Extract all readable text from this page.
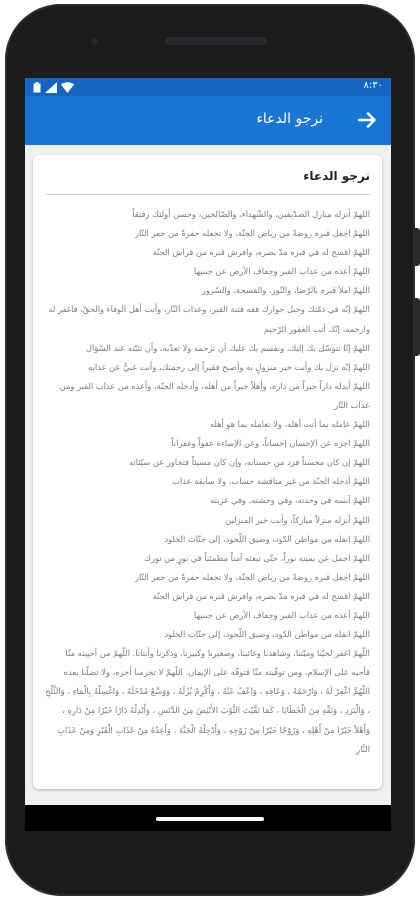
٨:٣٠
نرجو الدعاء
نرجو الدعاء
اللهمّ أنزله منازل الصدّيقين، والشّهداء، والصّالحين، وحسن أولئك رفيقاً
اللهمّ اجعل قبره روضةً من رياض الجنّة، ولا تجعله حفرةً من حفر النّار
اللهمّ افسح له في قبره مدّ بصره، وافرش قبره من فراش الجنّة
اللهمّ أعذه من عذاب القبر وجفاف الأرض عن جنبيها
اللهمّ املأ قبره بالرّضا، والنّور، والفسحة، والسّرور
اللهمّ إنّه في ذمّتك وحبل جوارك فقه فتنة القبر، وعذاب النّار، وأنت أهل الوفاء والحقّ، فاغفر له وارحمه، إنّك أنت الغفور الرّحيم
اللهمّ إنّا نتوسّل بك إليك، ونقسم بك عليك أن ترحمه ولا تعذّبه، وأن تثبّته عند السّؤال
اللهمّ إنّه نزل بك وأنت خير منزولٍ به وأصبح فقيراً إلى رحمتك، وأنت غنيٌّ عن عذابه
اللهمّ أبدله داراً خيراً من داره، وأهلاً خيراً من أهله، وأدخله الجنّة، وأعذه من عذاب القبر ومن عذاب النّار
اللهمّ عامله بما أنت أهله، ولا تعامله بما هو أهله
اللهمّ اجزه عن الإحسان إحساناً، وعن الإساءة عفواً وغفراناً
اللهمّ إن كان محسناً فزد من حسناته، وإن كان مسيئاً فتجاوز عن سيّئاته
اللهمّ أدخله الجنّة من غير مناقشة حساب، ولا سابقة عذاب
اللهمّ آنسه في وحدته، وفي وحشته، وفي غربته
اللهمّ أنزله منزلاً مباركاً، وأنت خير المنزلين
اللهمّ انقله من مواطن الدّود، وضيق اللّحود، إلى جنّات الخلود
اللهمّ احمل عن يمينه نوراً، حتّى تبعثه آمناً مطمئناً في نورٍ من نورك
اللهمّ اجعل قبره روضةً من رياض الجنّة، ولا تجعله حفرةً من حفر النّار
اللهمّ افسح له في قبره مدّ بصره، وافرش قبره من فراش الجنّة
اللهمّ أعذه من عذاب القبر وجفاف الأرض عن جنبيها
اللهمّ انقله من مواطن الدّود، وضيق اللّحود، إلى جنّات الخلود
اللّهمّ اغفر لحيّنا وميّتنا، وشاهدنا وغائبنا، وصغيرنا وكبيرنا، وذكرنا وأنثانا. اللّهمّ من أحييته منّا فأحيه على الإسلام، ومن توفّيته منّا فتوفّه على الإيمان. اللّهمّ لا تحرمنا أجره، ولا تضلّنا بعده
اللّهُمَّ اغْفِرْ لَهُ ، وَارْحَمْهُ ، وَعَافِهِ ، وَاعْفُ عَنْهُ ، وَأَكْرِمْ نُزُلَهُ ، وَوَسِّعْ مُدْخَلَهُ ، وَاغْسِلْهُ بِالْمَاءِ ، وَالثَّلْجِ ، وَالْبَرَدِ ، وَنَقِّهِ مِنَ الْخَطَايَا ، كَمَا نَقَّيْتَ الثَّوْبَ الأَبْيَضَ مِنَ الدَّنَسِ ، وَأَبْدِلْهُ دَارًا خَيْرًا مِنْ دَارِهِ ، وَأَهْلاً خَيْرًا مِنْ أَهْلِهِ ، وَزَوْجًا خَيْرًا مِنْ زَوْجِهِ ، وَأَدْخِلْهُ الْجَنَّةَ ، وَأَعِذْهُ مِنْ عَذَابِ الْقَبْرِ وَمِنْ عَذَابِ النَّارِ
